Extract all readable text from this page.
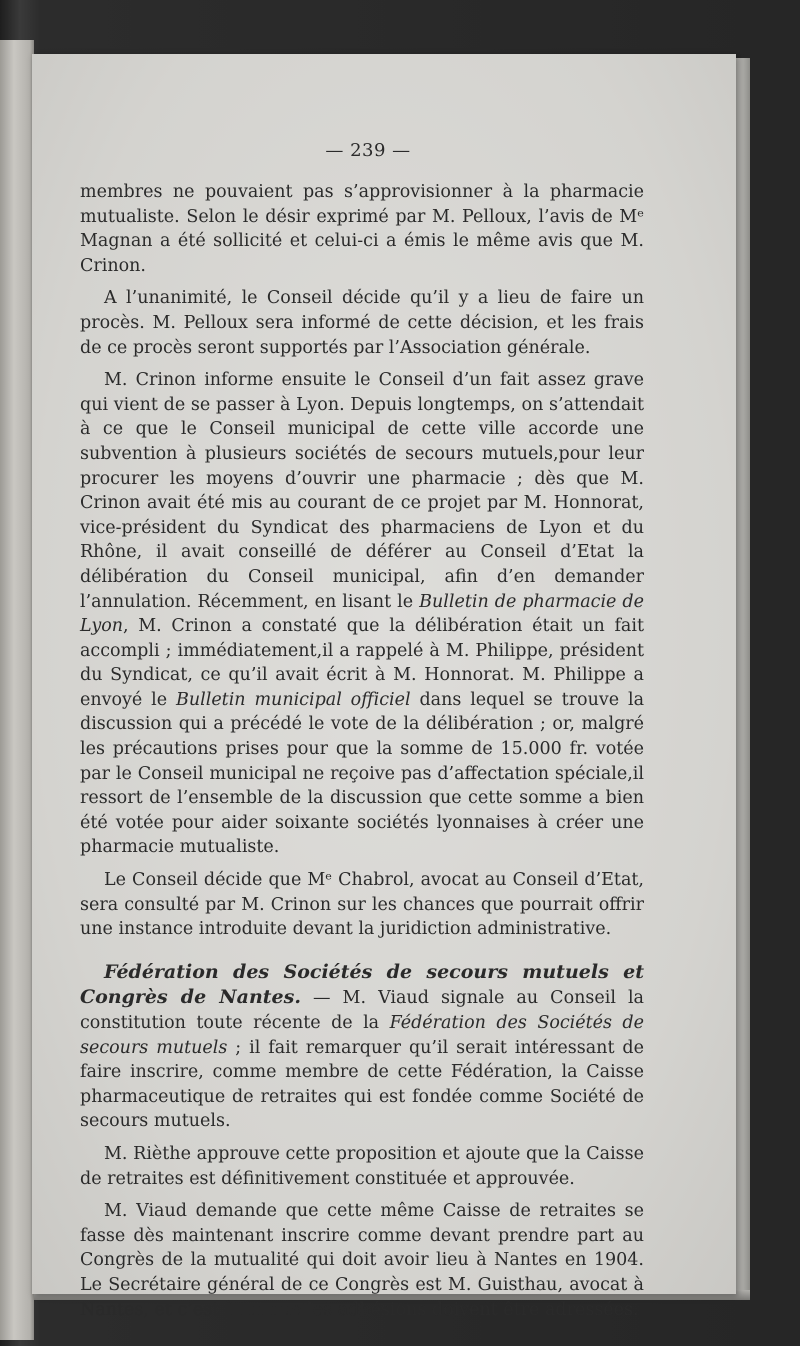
— 239 —

membres ne pouvaient pas s’approvisionner à la pharmacie mutualiste. Selon le désir exprimé par M. Pelloux, l’avis de Mᵉ Magnan a été sollicité et celui-ci a émis le même avis que M. Crinon.

A l’unanimité, le Conseil décide qu’il y a lieu de faire un procès. M. Pelloux sera informé de cette décision, et les frais de ce procès seront supportés par l’Association générale.

M. Crinon informe ensuite le Conseil d’un fait assez grave qui vient de se passer à Lyon. Depuis longtemps, on s’attendait à ce que le Conseil municipal de cette ville accorde une subvention à plusieurs sociétés de secours mutuels,pour leur procurer les moyens d’ouvrir une pharmacie ; dès que M. Crinon avait été mis au courant de ce projet par M. Honnorat, vice-président du Syndicat des pharmaciens de Lyon et du Rhône, il avait conseillé de déférer au Conseil d’Etat la délibération du Conseil municipal, afin d’en demander l’annulation. Récemment, en lisant le Bulletin de pharmacie de Lyon, M. Crinon a constaté que la délibération était un fait accompli ; immédiatement,il a rappelé à M. Philippe, président du Syndicat, ce qu’il avait écrit à M. Honnorat. M. Philippe a envoyé le Bulletin municipal officiel dans lequel se trouve la discussion qui a précédé le vote de la délibération ; or, malgré les précautions prises pour que la somme de 15.000 fr. votée par le Conseil municipal ne reçoive pas d’affectation spéciale,il ressort de l’ensemble de la discussion que cette somme a bien été votée pour aider soixante sociétés lyonnaises à créer une pharmacie mutualiste.

Le Conseil décide que Mᵉ Chabrol, avocat au Conseil d’Etat, sera consulté par M. Crinon sur les chances que pourrait offrir une instance introduite devant la juridiction administrative.

Fédération des Sociétés de secours mutuels et Congrès de Nantes. — M. Viaud signale au Conseil la constitution toute récente de la Fédération des Sociétés de secours mutuels ; il fait remarquer qu’il serait intéressant de faire inscrire, comme membre de cette Fédération, la Caisse pharmaceutique de retraites qui est fondée comme Société de secours mutuels.

M. Rièthe approuve cette proposition et ajoute que la Caisse de retraites est définitivement constituée et approuvée.

M. Viaud demande que cette même Caisse de retraites se fasse dès maintenant inscrire comme devant prendre part au Congrès de la mutualité qui doit avoir lieu à Nantes en 1904. Le Secrétaire général de ce Congrès est M. Guisthau, avocat à Nantes, et c’est à lui que les adhésions doivent être adressées.
